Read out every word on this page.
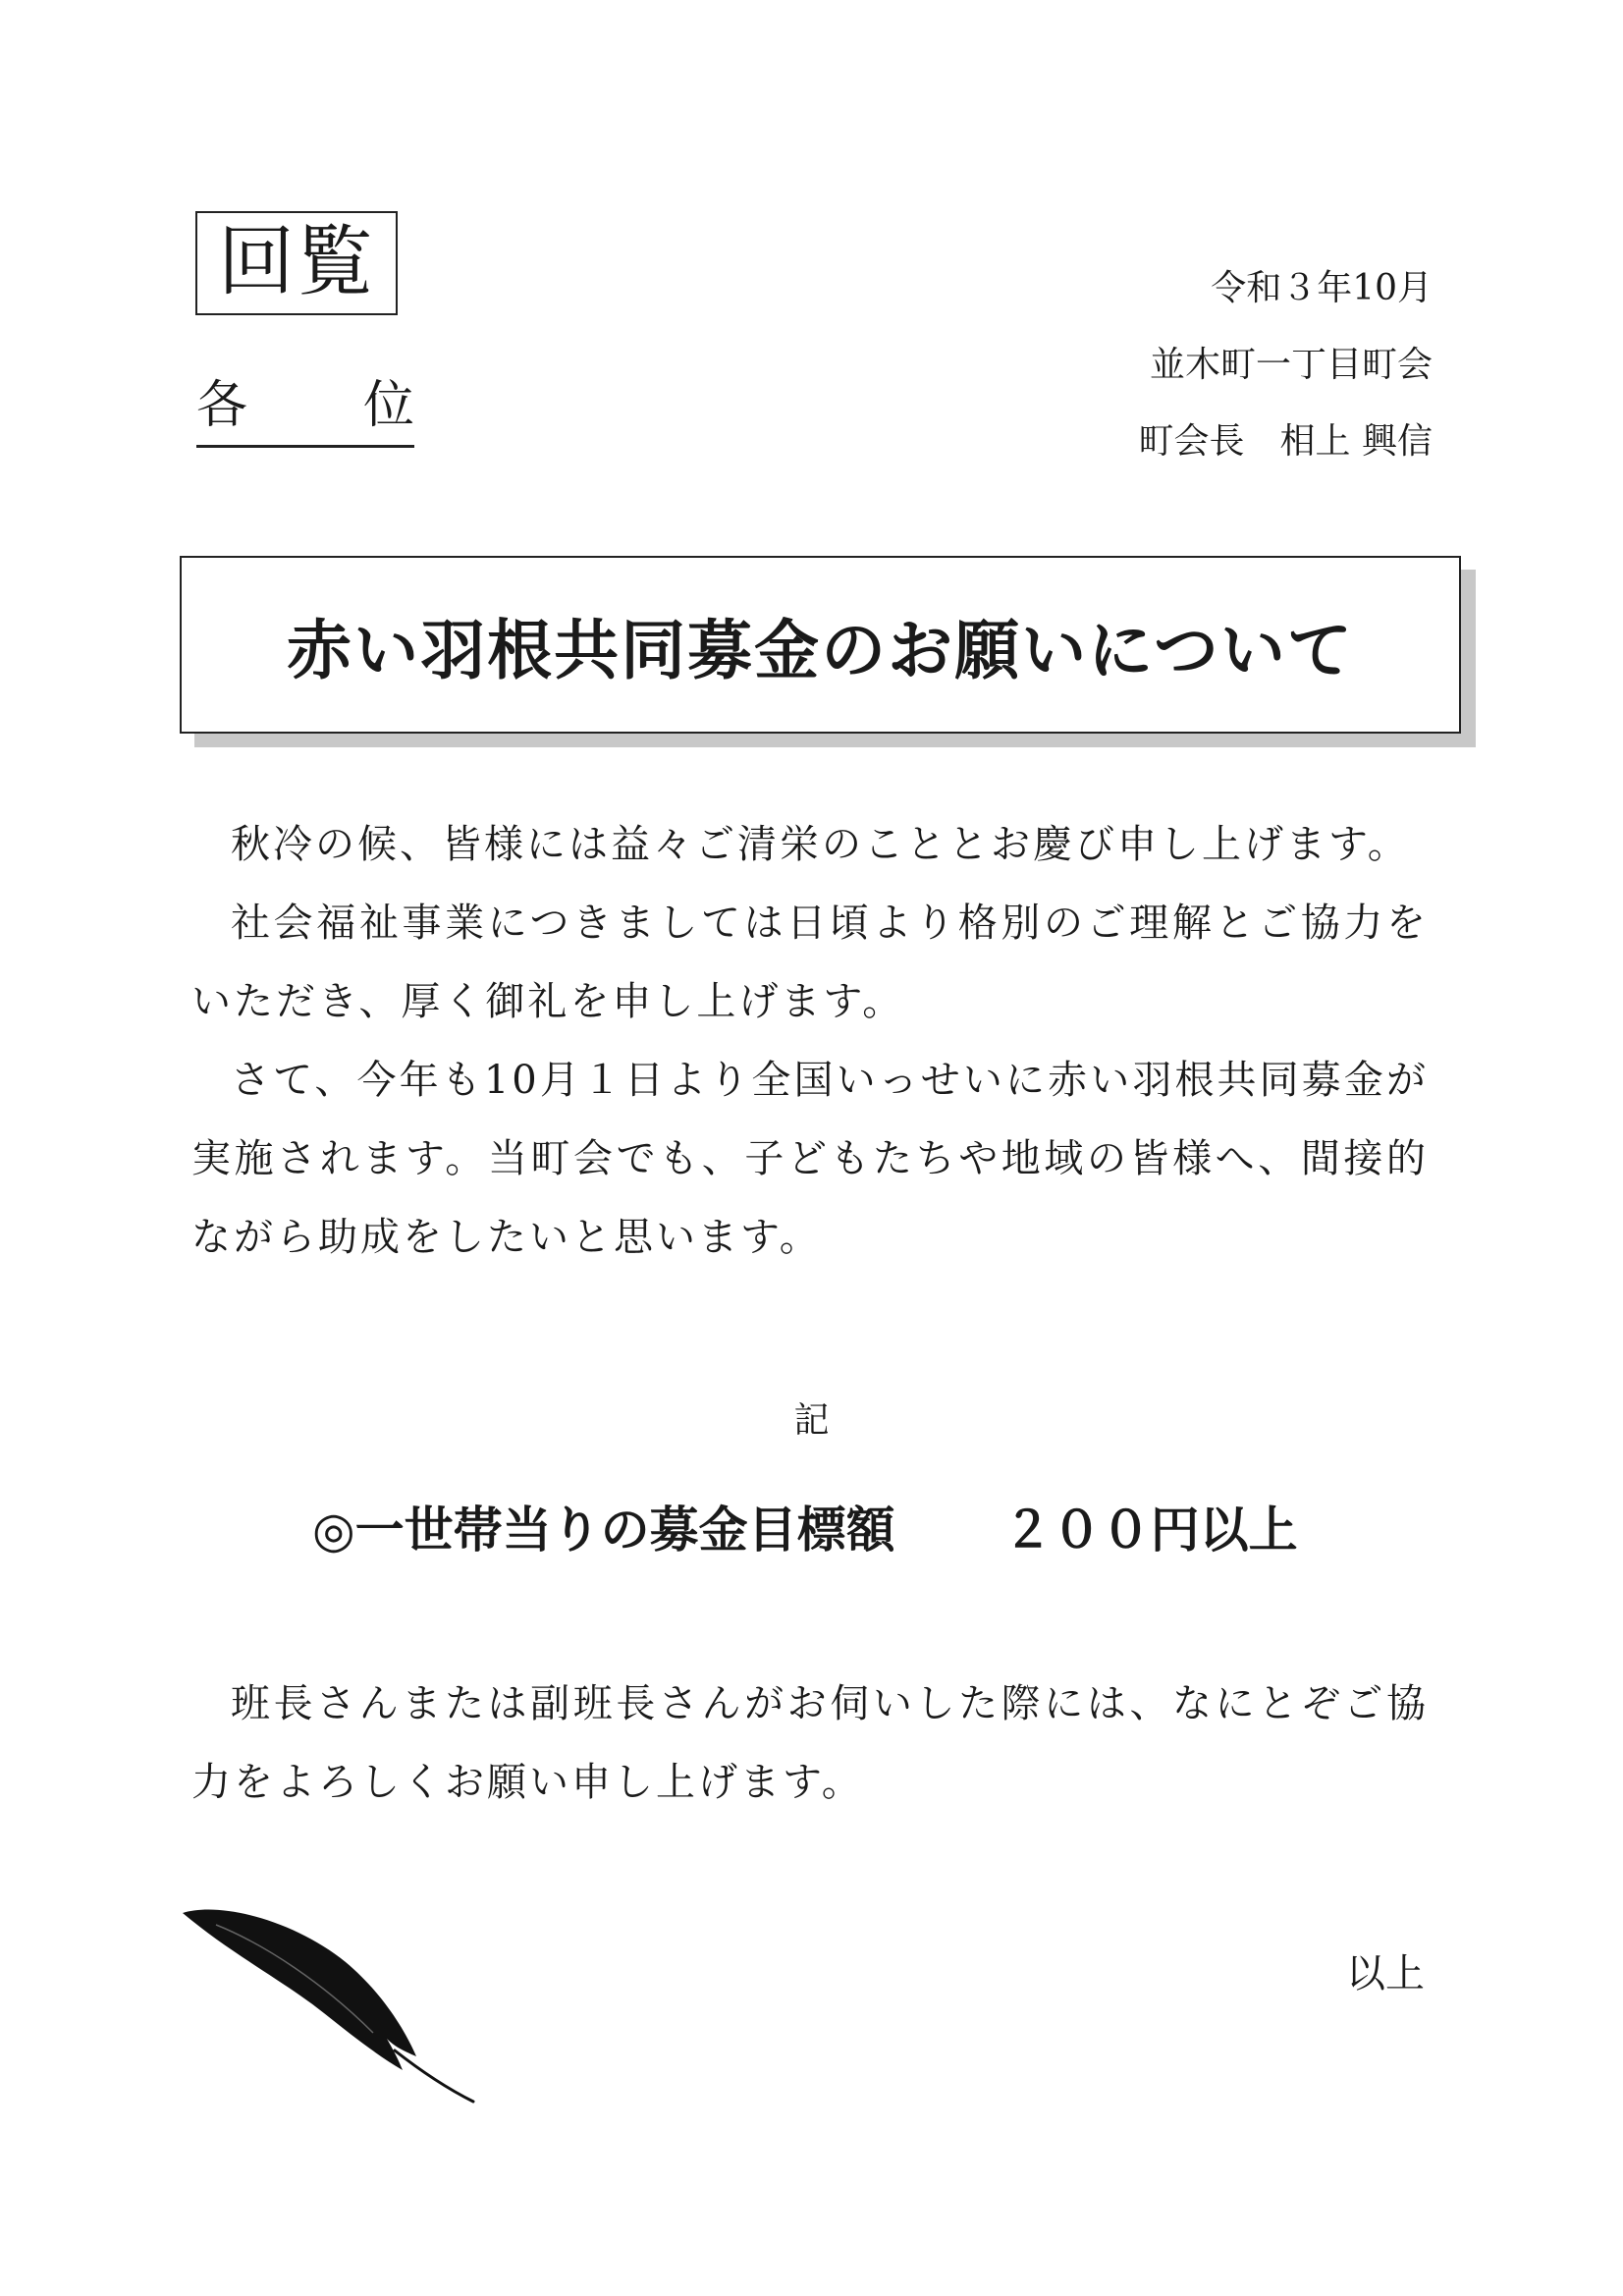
回覧
各 位
令和３年10月
並木町一丁目町会
町会長　相上 興信
赤い羽根共同募金のお願いについて

秋冷の候、皆様には益々ご清栄のこととお慶び申し上げます。

社会福祉事業につきましては日頃より格別のご理解とご協力をいただき、厚く御礼を申し上げます。

さて、今年も10月１日より全国いっせいに赤い羽根共同募金が実施されます。当町会でも、子どもたちや地域の皆様へ、間接的ながら助成をしたいと思います。

記
◎一世帯当りの募金目標額 ２００円以上

班長さんまたは副班長さんがお伺いした際には、なにとぞご協力をよろしくお願い申し上げます。

以上
